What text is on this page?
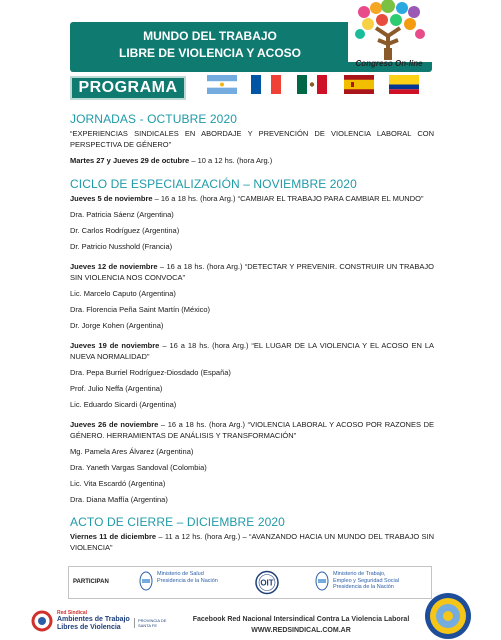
MUNDO DEL TRABAJO
LIBRE DE VIOLENCIA Y ACOSO
Congreso On-line
PROGRAMA
JORNADAS - OCTUBRE 2020
“EXPERIENCIAS SINDICALES EN ABORDAJE Y PREVENCIÓN DE VIOLENCIA LABORAL CON PERSPECTIVA DE GÉNERO”
Martes 27 y Jueves 29 de octubre – 10 a 12 hs. (hora Arg.)
CICLO DE ESPECIALIZACIÓN – NOVIEMBRE 2020
Jueves 5 de noviembre – 16 a 18 hs. (hora Arg.) “CAMBIAR EL TRABAJO PARA CAMBIAR EL MUNDO”
Dra. Patricia Sáenz (Argentina)
Dr. Carlos Rodríguez (Argentina)
Dr. Patricio Nusshold (Francia)
Jueves 12 de noviembre – 16 a 18 hs. (hora Arg.) “DETECTAR Y PREVENIR. CONSTRUIR UN TRABAJO SIN VIOLENCIA NOS CONVOCA”
Lic. Marcelo Caputo (Argentina)
Dra. Florencia Peña Saint Martín (México)
Dr. Jorge Kohen (Argentina)
Jueves 19 de noviembre – 16 a 18 hs. (hora Arg.) “EL LUGAR DE LA VIOLENCIA Y EL ACOSO EN LA NUEVA NORMALIDAD”
Dra. Pepa Burriel Rodríguez-Diosdado (España)
Prof. Julio Neffa (Argentina)
Lic. Eduardo Sicardi (Argentina)
Jueves 26 de noviembre – 16 a 18 hs. (hora Arg.) “VIOLENCIA LABORAL Y ACOSO POR RAZONES DE GÉNERO. HERRAMIENTAS DE ANÁLISIS Y TRANSFORMACIÓN”
Mg. Pamela Ares Álvarez (Argentina)
Dra. Yaneth Vargas Sandoval (Colombia)
Lic. Vita Escardó (Argentina)
Dra. Diana Maffía (Argentina)
ACTO DE CIERRE – DICIEMBRE 2020
Viernes 11 de diciembre – 11 a 12 hs. (hora Arg.) – “AVANZANDO HACIA UN MUNDO DEL TRABAJO SIN VIOLENCIA”
PARTICIPAN
Ministerio de Salud
Presidencia de la Nación	OIT
Ministerio de Trabajo,
Empleo y Seguridad Social
Presidencia de la Nación
Red Sindical
Ambientes de Trabajo
Libres de Violencia
PROVINCIA DE SANTA FE
Facebook Red Nacional Intersindical Contra La Violencia Laboral
WWW.REDSINDICAL.COM.AR
